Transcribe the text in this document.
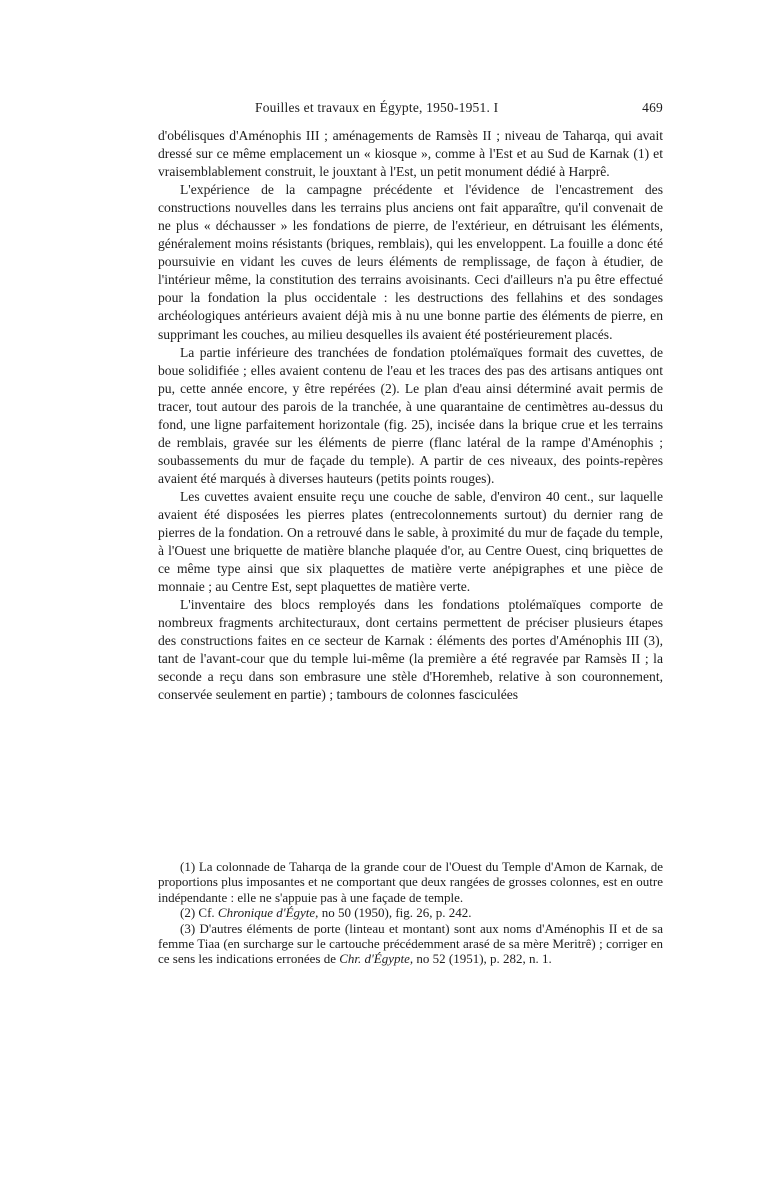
Fouilles et travaux en Égypte, 1950-1951. I	469

d'obélisques d'Aménophis III ; aménagements de Ramsès II ; niveau de Taharqa, qui avait dressé sur ce même emplacement un « kiosque », comme à l'Est et au Sud de Karnak (1) et vraisemblablement construit, le jouxtant à l'Est, un petit monument dédié à Harprê.

L'expérience de la campagne précédente et l'évidence de l'encastrement des constructions nouvelles dans les terrains plus anciens ont fait apparaître, qu'il convenait de ne plus « déchausser » les fondations de pierre, de l'extérieur, en détruisant les éléments, généralement moins résistants (briques, remblais), qui les enveloppent. La fouille a donc été poursuivie en vidant les cuves de leurs éléments de remplissage, de façon à étudier, de l'intérieur même, la constitution des terrains avoisinants. Ceci d'ailleurs n'a pu être effectué pour la fondation la plus occidentale : les destructions des fellahins et des sondages archéologiques antérieurs avaient déjà mis à nu une bonne partie des éléments de pierre, en supprimant les couches, au milieu desquelles ils avaient été postérieurement placés.

La partie inférieure des tranchées de fondation ptolémaïques formait des cuvettes, de boue solidifiée ; elles avaient contenu de l'eau et les traces des pas des artisans antiques ont pu, cette année encore, y être repérées (2). Le plan d'eau ainsi déterminé avait permis de tracer, tout autour des parois de la tranchée, à une quarantaine de centimètres au-dessus du fond, une ligne parfaitement horizontale (fig. 25), incisée dans la brique crue et les terrains de remblais, gravée sur les éléments de pierre (flanc latéral de la rampe d'Aménophis ; soubassements du mur de façade du temple). A partir de ces niveaux, des points-repères avaient été marqués à diverses hauteurs (petits points rouges).

Les cuvettes avaient ensuite reçu une couche de sable, d'environ 40 cent., sur laquelle avaient été disposées les pierres plates (entrecolonnements surtout) du dernier rang de pierres de la fondation. On a retrouvé dans le sable, à proximité du mur de façade du temple, à l'Ouest une briquette de matière blanche plaquée d'or, au Centre Ouest, cinq briquettes de ce même type ainsi que six plaquettes de matière verte anépigraphes et une pièce de monnaie ; au Centre Est, sept plaquettes de matière verte.

L'inventaire des blocs remployés dans les fondations ptolémaïques comporte de nombreux fragments architecturaux, dont certains permettent de préciser plusieurs étapes des constructions faites en ce secteur de Karnak : éléments des portes d'Aménophis III (3), tant de l'avant-cour que du temple lui-même (la première a été regravée par Ramsès II ; la seconde a reçu dans son embrasure une stèle d'Horemheb, relative à son couronnement, conservée seulement en partie) ; tambours de colonnes fasciculées

(1) La colonnade de Taharqa de la grande cour de l'Ouest du Temple d'Amon de Karnak, de proportions plus imposantes et ne comportant que deux rangées de grosses colonnes, est en outre indépendante : elle ne s'appuie pas à une façade de temple.

(2) Cf. Chronique d'Égyte, no 50 (1950), fig. 26, p. 242.

(3) D'autres éléments de porte (linteau et montant) sont aux noms d'Aménophis II et de sa femme Tiaa (en surcharge sur le cartouche précédemment arasé de sa mère Meritrê) ; corriger en ce sens les indications erronées de Chr. d'Égypte, no 52 (1951), p. 282, n. 1.
